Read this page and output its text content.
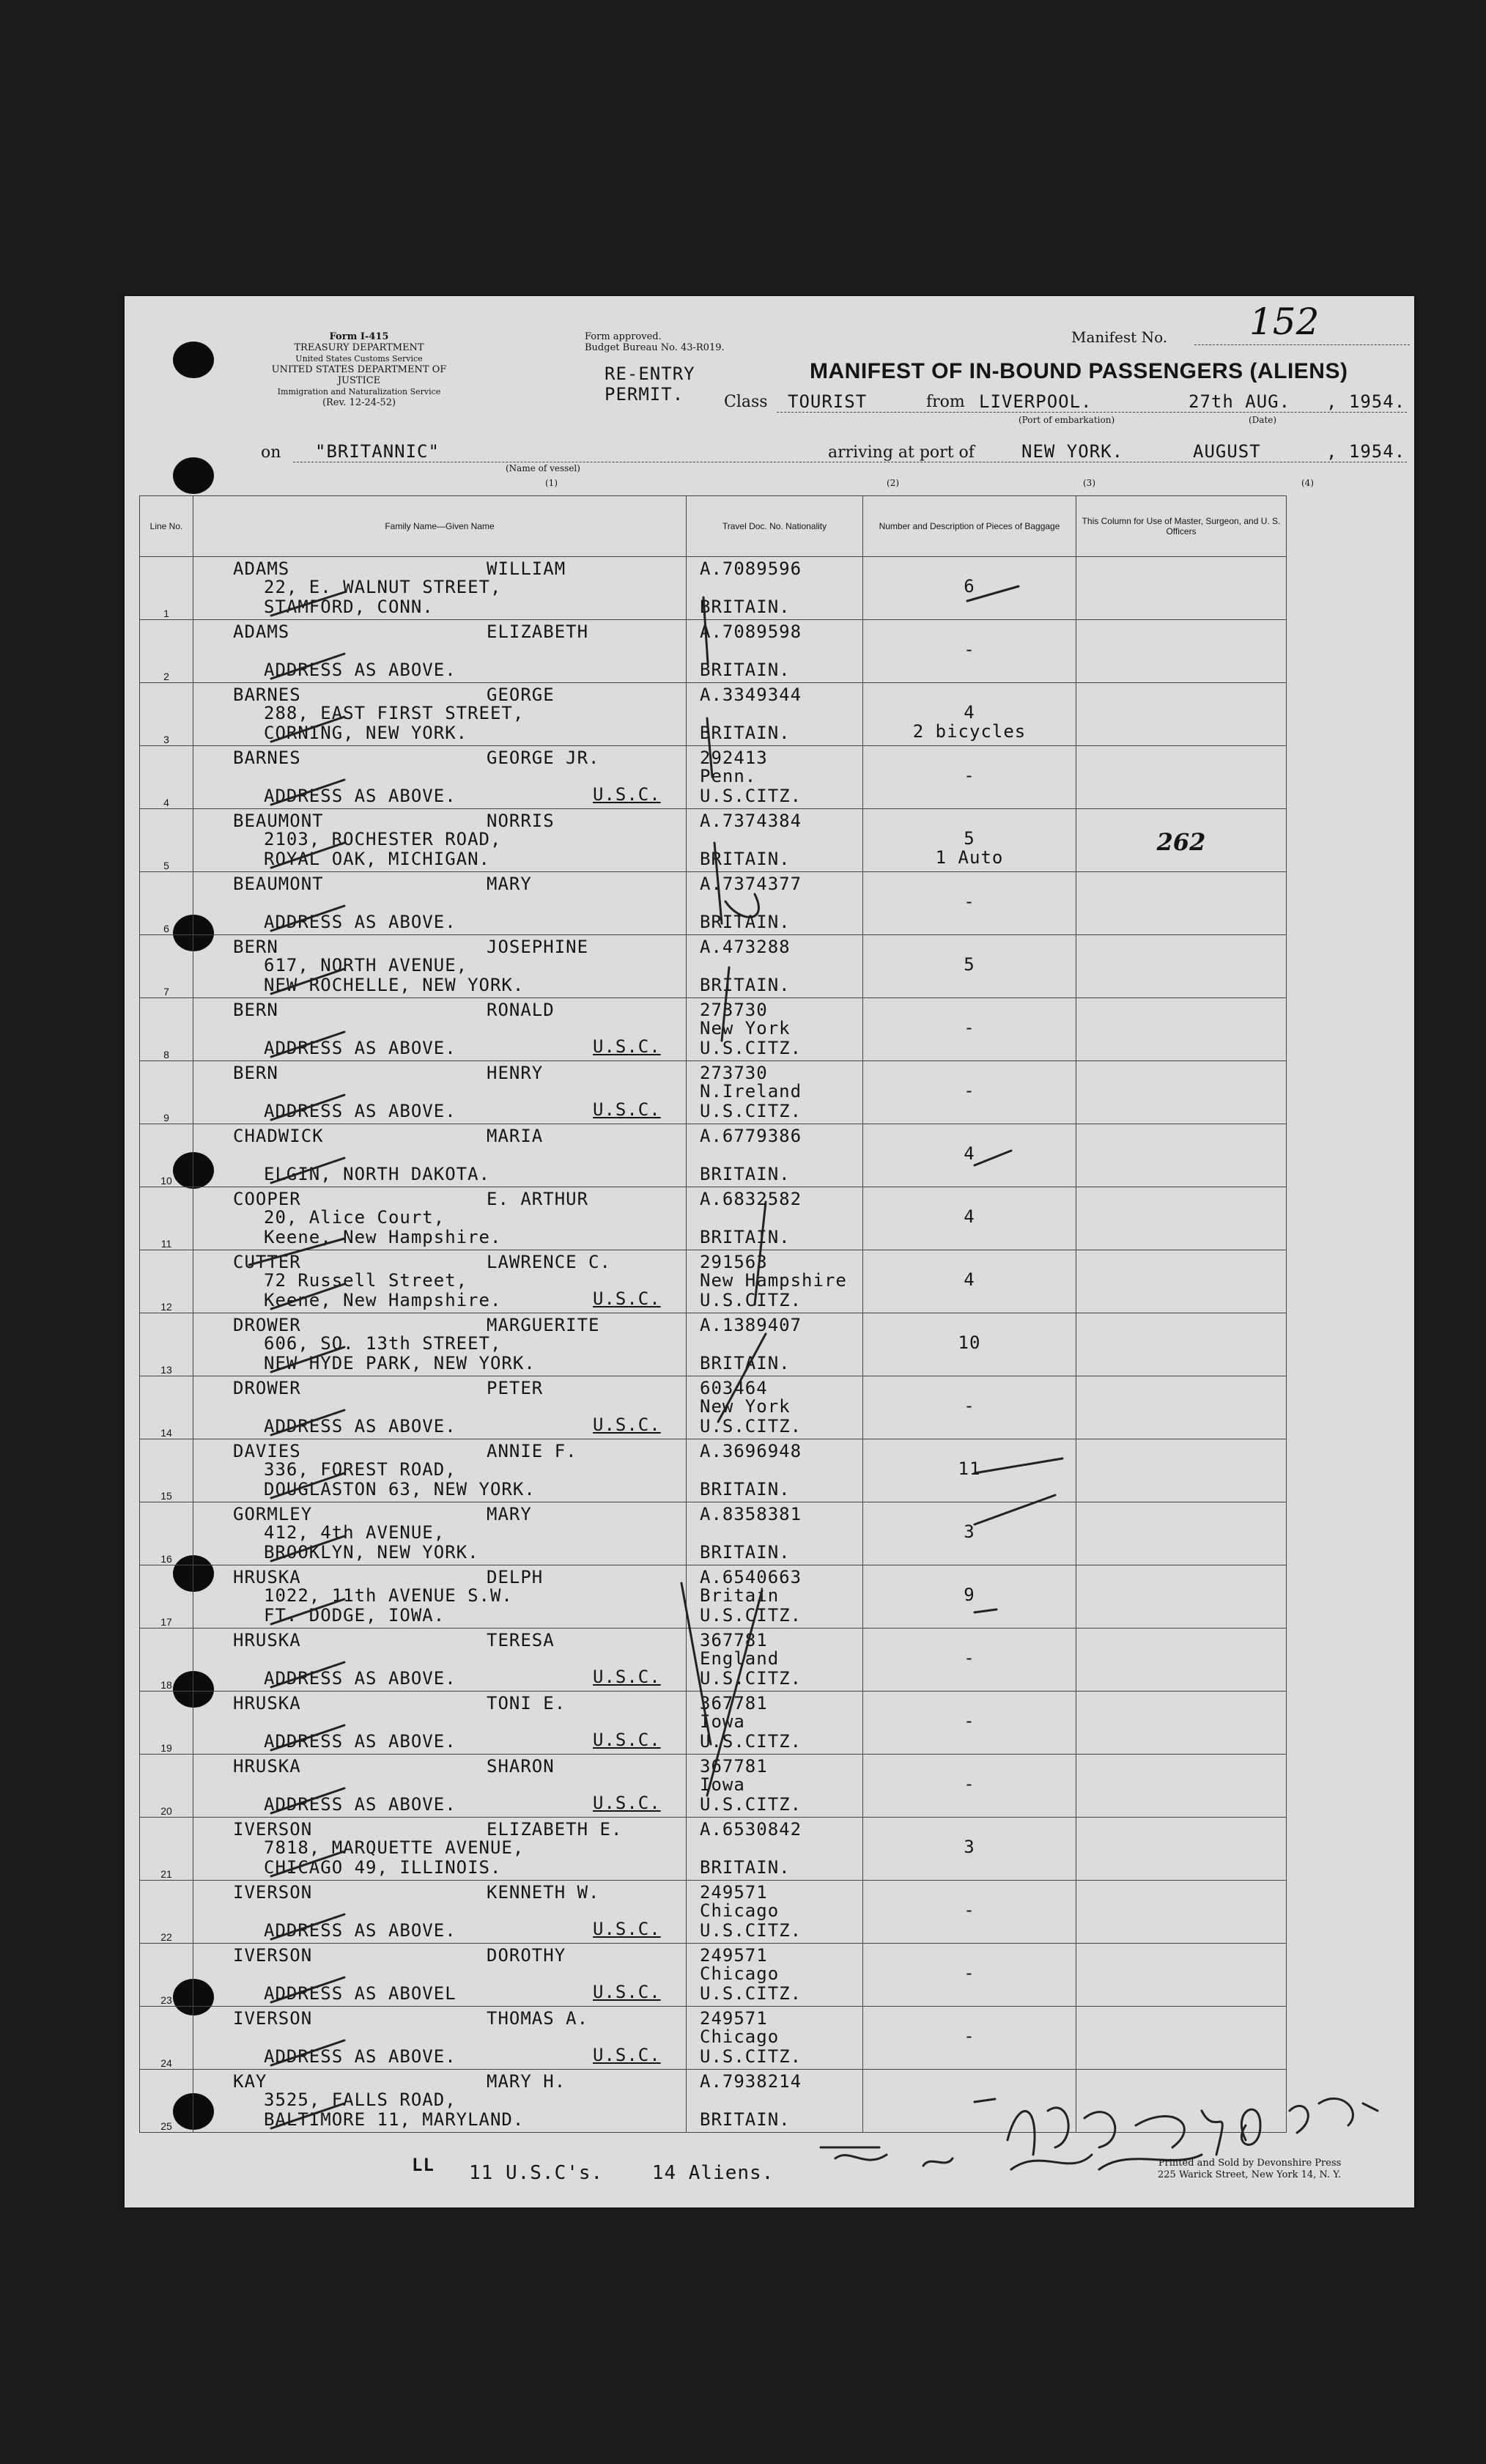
Form I-415
TREASURY DEPARTMENT
United States Customs Service
UNITED STATES DEPARTMENT OF JUSTICE
Immigration and Naturalization Service
(Rev. 12-24-52)
Form approved.
Budget Bureau No. 43-R019.
RE-ENTRY
PERMIT.
Manifest No. 152
MANIFEST OF IN-BOUND PASSENGERS (ALIENS)
Class TOURIST	from LIVERPOOL.
(Port of embarkation)
27th AUG.
(Date)
, 1954.
on "BRITANNIC"
(Name of vessel)
(1)
arriving at port of	NEW YORK.	AUGUST	, 1954.
(2)	(3)	(4)
Line No.	Family Name—Given Name	Travel Doc. No. Nationality	Number and Description of Pieces of Baggage	This Column for Use of Master, Surgeon, and U. S. Officers
1	ADAMS WILLIAM
22, E. WALNUT STREET,
STAMFORD, CONN.	A.7089596
BRITAIN.	6	

2	ADAMS ELIZABETH
ADDRESS AS ABOVE.	A.7089598
BRITAIN.	-	

3	BARNES GEORGE
288, EAST FIRST STREET,
CORNING, NEW YORK.	A.3349344
BRITAIN.	4
2 bicycles	

4	BARNES GEORGE JR.
ADDRESS AS ABOVE. U.S.C.	292413
Penn.
U.S.CITZ.	-	

5	BEAUMONT NORRIS
2103, ROCHESTER ROAD,
ROYAL OAK, MICHIGAN.	A.7374384
BRITAIN.	5
1 Auto	262

6	BEAUMONT MARY
ADDRESS AS ABOVE.	A.7374377
BRITAIN.	-	

7	BERN JOSEPHINE
617, NORTH AVENUE,
NEW ROCHELLE, NEW YORK.	A.473288
BRITAIN.	5	

8	BERN RONALD
ADDRESS AS ABOVE. U.S.C.	273730
New York
U.S.CITZ.	-	

9	BERN HENRY
ADDRESS AS ABOVE. U.S.C.	273730
N.Ireland
U.S.CITZ.	-	

10	CHADWICK MARIA
ELGIN, NORTH DAKOTA.	A.6779386
BRITAIN.	4	

11	COOPER E. ARTHUR
20, Alice Court,
Keene, New Hampshire.	A.6832582
BRITAIN.	4	

12	CUTTER LAWRENCE C.
72 Russell Street,
Keene, New Hampshire. U.S.C.	291563
New Hampshire
U.S.CITZ.	4	

13	DROWER MARGUERITE
606, SO. 13th STREET,
NEW HYDE PARK, NEW YORK.	A.1389407
BRITAIN.	10	

14	DROWER PETER
ADDRESS AS ABOVE. U.S.C.	603464
New York
U.S.CITZ.	-	

15	DAVIES ANNIE F.
336, FOREST ROAD,
DOUGLASTON 63, NEW YORK.	A.3696948
BRITAIN.	11	

16	GORMLEY MARY
412, 4th AVENUE,
BROOKLYN, NEW YORK.	A.8358381
BRITAIN.	3	

17	HRUSKA DELPH
1022, 11th AVENUE S.W.
FT. DODGE, IOWA.	A.6540663
Britain
U.S.CITZ.	9	

18	HRUSKA TERESA
ADDRESS AS ABOVE. U.S.C.	367781
England
U.S.CITZ.	-	

19	HRUSKA TONI E.
ADDRESS AS ABOVE. U.S.C.	367781
Iowa
U.S.CITZ.	-	

20	HRUSKA SHARON
ADDRESS AS ABOVE. U.S.C.	367781
Iowa
U.S.CITZ.	-	

21	IVERSON ELIZABETH E.
7818, MARQUETTE AVENUE,
CHICAGO 49, ILLINOIS.	A.6530842
BRITAIN.	3	

22	IVERSON KENNETH W.
ADDRESS AS ABOVE. U.S.C.	249571
Chicago
U.S.CITZ.	-	

23	IVERSON DOROTHY
ADDRESS AS ABOVEL U.S.C.	249571
Chicago
U.S.CITZ.	-	

24	IVERSON THOMAS A.
ADDRESS AS ABOVE. U.S.C.	249571
Chicago
U.S.CITZ.	-	

25	KAY MARY H.
3525, FALLS ROAD,
BALTIMORE 11, MARYLAND.	A.7938214
BRITAIN.		

LL 11 U.S.C's.    14 Aliens.	Printed and Sold by Devonshire Press
225 Warick Street, New York 14, N. Y.
